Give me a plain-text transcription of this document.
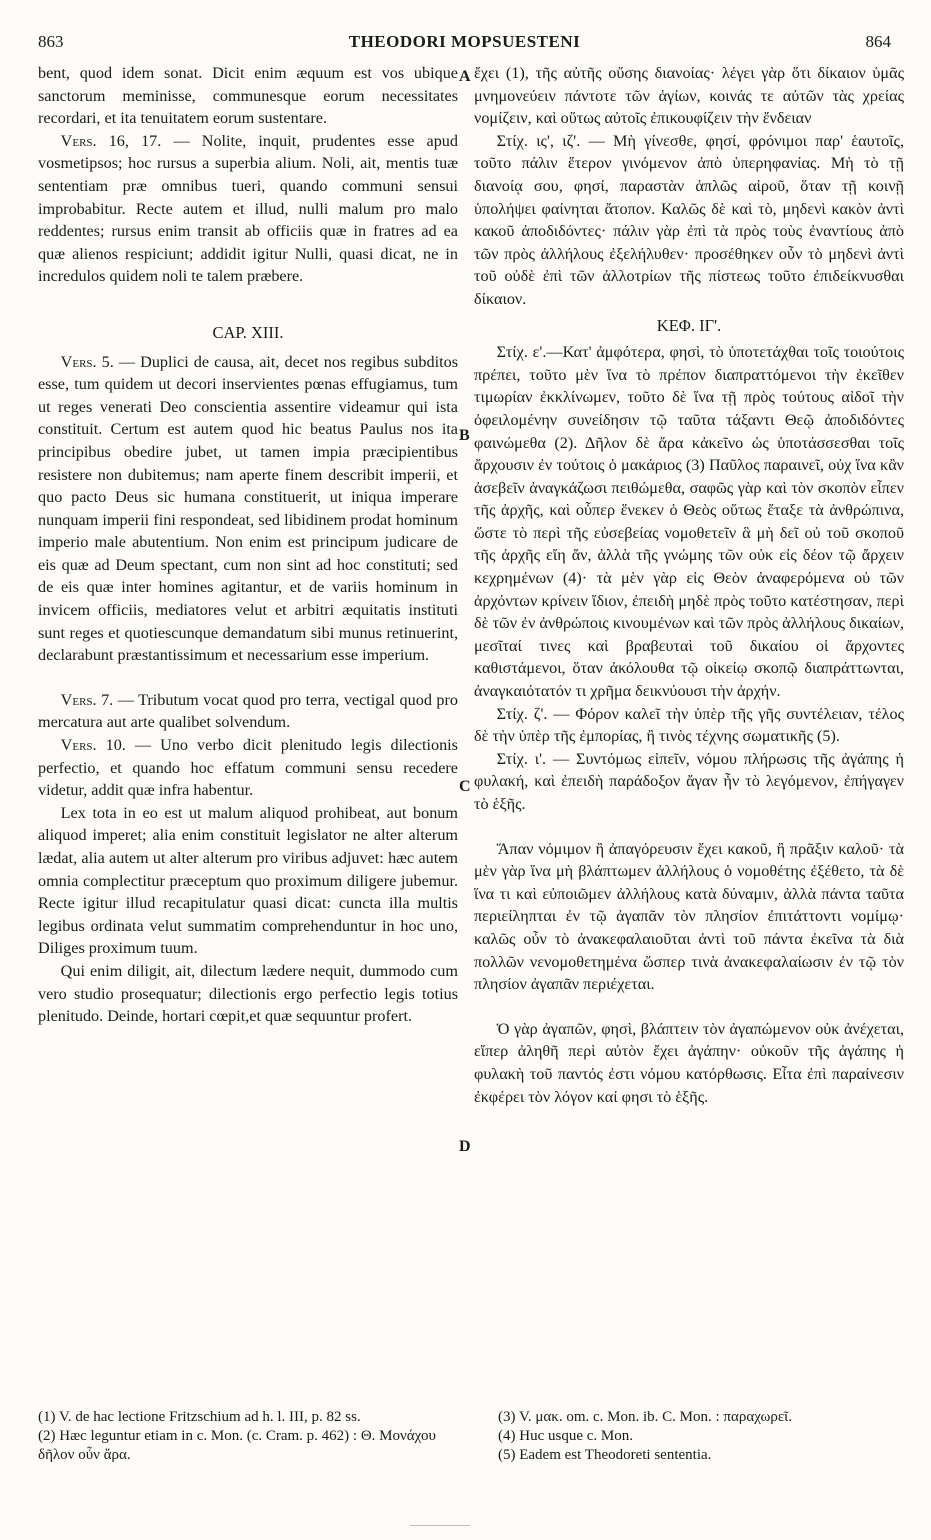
863	THEODORI MOPSUESTENI	864
A
B
C
D

bent, quod idem sonat. Dicit enim æquum est vos ubique sanctorum meminisse, communesque eorum necessitates recordari, et ita tenuitatem eorum sustentare.

Vers. 16, 17. — Nolite, inquit, prudentes esse apud vosmetipsos; hoc rursus a superbia alium. Noli, ait, mentis tuæ sententiam præ omnibus tueri, quando communi sensui improbabitur. Recte autem et illud, nulli malum pro malo reddentes; rursus enim transit ab officiis quæ in fratres ad ea quæ alienos respiciunt; addidit igitur Nulli, quasi dicat, ne in incredulos quidem noli te talem præbere.

CAP. XIII.

Vers. 5. — Duplici de causa, ait, decet nos regibus subditos esse, tum quidem ut decori inservientes pœnas effugiamus, tum ut reges venerati Deo conscientia assentire videamur qui ista constituit. Certum est autem quod hic beatus Paulus nos ita principibus obedire jubet, ut tamen impia præcipientibus resistere non dubitemus; nam aperte finem describit imperii, et quo pacto Deus sic humana constituerit, ut iniqua imperare nunquam imperii fini respondeat, sed libidinem prodat hominum imperio male abutentium. Non enim est principum judicare de eis quæ ad Deum spectant, cum non sint ad hoc constituti; sed de eis quæ inter homines agitantur, et de variis hominum in invicem officiis, mediatores velut et arbitri æquitatis instituti sunt reges et quotiescunque demandatum sibi munus retinuerint, declarabunt præstantissimum et necessarium esse imperium.

Vers. 7. — Tributum vocat quod pro terra, vectigal quod pro mercatura aut arte qualibet solvendum.

Vers. 10. — Uno verbo dicit plenitudo legis dilectionis perfectio, et quando hoc effatum communi sensu recedere videtur, addit quæ infra habentur.

Lex tota in eo est ut malum aliquod prohibeat, aut bonum aliquod imperet; alia enim constituit legislator ne alter alterum lædat, alia autem ut alter alterum pro viribus adjuvet: hæc autem omnia complectitur præceptum quo proximum diligere jubemur. Recte igitur illud recapitulatur quasi dicat: cuncta illa multis legibus ordinata velut summatim comprehenduntur in hoc uno, Diliges proximum tuum.

Qui enim diligit, ait, dilectum lædere nequit, dummodo cum vero studio prosequatur; dilectionis ergo perfectio legis totius plenitudo. Deinde, hortari cœpit,et quæ sequuntur profert.

ἔχει (1), τῆς αὐτῆς οὔσης διανοίας· λέγει γὰρ ὅτι δίκαιον ὑμᾶς μνημονεύειν πάντοτε τῶν ἁγίων, κοινάς τε αὐτῶν τὰς χρείας νομίζειν, καὶ οὕτως αὐτοῖς ἐπικουφίζειν τὴν ἔνδειαν

Στίχ. ις', ιζ'. — Μὴ γίνεσθε, φησί, φρόνιμοι παρ' ἑαυτοῖς, τοῦτο πάλιν ἕτερον γινόμενον ἀπὸ ὑπερηφανίας. Μὴ τὸ τῇ διανοίᾳ σου, φησί, παραστὰν ἁπλῶς αἱροῦ, ὅταν τῇ κοινῇ ὑπολήψει φαίνηται ἄτοπον. Καλῶς δὲ καὶ τὸ, μηδενὶ κακὸν ἀντὶ κακοῦ ἀποδιδόντες· πάλιν γὰρ ἐπὶ τὰ πρὸς τοὺς ἐναντίους ἀπὸ τῶν πρὸς ἀλλήλους ἐξελήλυθεν· προσέθηκεν οὖν τὸ μηδενὶ ἀντὶ τοῦ οὐδὲ ἐπὶ τῶν ἀλλοτρίων τῆς πίστεως τοῦτο ἐπιδείκνυσθαι δίκαιον.

ΚΕΦ. ΙΓ'.

Στίχ. ε'.—Κατ' ἀμφότερα, φησὶ, τὸ ὑποτετάχθαι τοῖς τοιούτοις πρέπει, τοῦτο μὲν ἵνα τὸ πρέπον διαπραττόμενοι τὴν ἐκεῖθεν τιμωρίαν ἐκκλίνωμεν, τοῦτο δὲ ἵνα τῇ πρὸς τούτους αἰδοῖ τὴν ὀφειλομένην συνείδησιν τῷ ταῦτα τάξαντι Θεῷ ἀποδιδόντες φαινώμεθα (2). Δῆλον δὲ ἄρα κἀκεῖνο ὡς ὑποτάσσεσθαι τοῖς ἄρχουσιν ἐν τούτοις ὁ μακάριος (3) Παῦλος παραινεῖ, οὐχ ἵνα κἂν ἀσεβεῖν ἀναγκάζωσι πειθώμεθα, σαφῶς γὰρ καὶ τὸν σκοπὸν εἶπεν τῆς ἀρχῆς, καὶ οὗπερ ἕνεκεν ὁ Θεὸς οὕτως ἔταξε τὰ ἀνθρώπινα, ὥστε τὸ περὶ τῆς εὐσεβείας νομοθετεῖν ἃ μὴ δεῖ οὐ τοῦ σκοποῦ τῆς ἀρχῆς εἴη ἄν, ἀλλὰ τῆς γνώμης τῶν οὐκ εἰς δέον τῷ ἄρχειν κεχρημένων (4)· τὰ μὲν γὰρ εἰς Θεὸν ἀναφερόμενα οὐ τῶν ἀρχόντων κρίνειν ἴδιον, ἐπειδὴ μηδὲ πρὸς τοῦτο κατέστησαν, περὶ δὲ τῶν ἐν ἀνθρώποις κινουμένων καὶ τῶν πρὸς ἀλλήλους δικαίων, μεσῖταί τινες καὶ βραβευταὶ τοῦ δικαίου οἱ ἄρχοντες καθιστάμενοι, ὅταν ἀκόλουθα τῷ οἰκείῳ σκοπῷ διαπράττωνται, ἀναγκαιότατόν τι χρῆμα δεικνύουσι τὴν ἀρχήν.

Στίχ. ζ'. — Φόρον καλεῖ τὴν ὑπὲρ τῆς γῆς συντέλειαν, τέλος δὲ τὴν ὑπὲρ τῆς ἐμπορίας, ἢ τινὸς τέχνης σωματικῆς (5).

Στίχ. ι'. — Συντόμως εἰπεῖν, νόμου πλήρωσις τῆς ἀγάπης ἡ φυλακή, καὶ ἐπειδὴ παράδοξον ἄγαν ἦν τὸ λεγόμενον, ἐπήγαγεν τὸ ἑξῆς.

Ἅπαν νόμιμον ἢ ἀπαγόρευσιν ἔχει κακοῦ, ἢ πρᾶξιν καλοῦ· τὰ μὲν γὰρ ἵνα μὴ βλάπτωμεν ἀλλήλους ὁ νομοθέτης ἐξέθετο, τὰ δὲ ἵνα τι καὶ εὐποιῶμεν ἀλλήλους κατὰ δύναμιν, ἀλλὰ πάντα ταῦτα περιείληπται ἐν τῷ ἀγαπᾶν τὸν πλησίον ἐπιτάττοντι νομίμῳ· καλῶς οὖν τὸ ἀνακεφαλαιοῦται ἀντὶ τοῦ πάντα ἐκεῖνα τὰ διὰ πολλῶν νενομοθετημένα ὥσπερ τινὰ ἀνακεφαλαίωσιν ἐν τῷ τὸν πλησίον ἀγαπᾶν περιέχεται.

Ὁ γὰρ ἀγαπῶν, φησὶ, βλάπτειν τὸν ἀγαπώμενον οὐκ ἀνέχεται, εἴπερ ἀληθῆ περὶ αὐτὸν ἔχει ἀγάπην· οὐκοῦν τῆς ἀγάπης ἡ φυλακὴ τοῦ παντός ἐστι νόμου κατόρθωσις. Εἶτα ἐπὶ παραίνεσιν ἐκφέρει τὸν λόγον καί φησι τὸ ἑξῆς.

(1) V. de hac lectione Fritzschium ad h. l. III, p. 82 ss.

(2) Hæc leguntur etiam in c. Mon. (c. Cram. p. 462) : Θ. Μονάχου δῆλον οὖν ἄρα.

(3) V. μακ. om. c. Mon. ib. C. Mon. : παραχωρεῖ.

(4) Huc usque c. Mon.

(5) Eadem est Theodoreti sententia.
